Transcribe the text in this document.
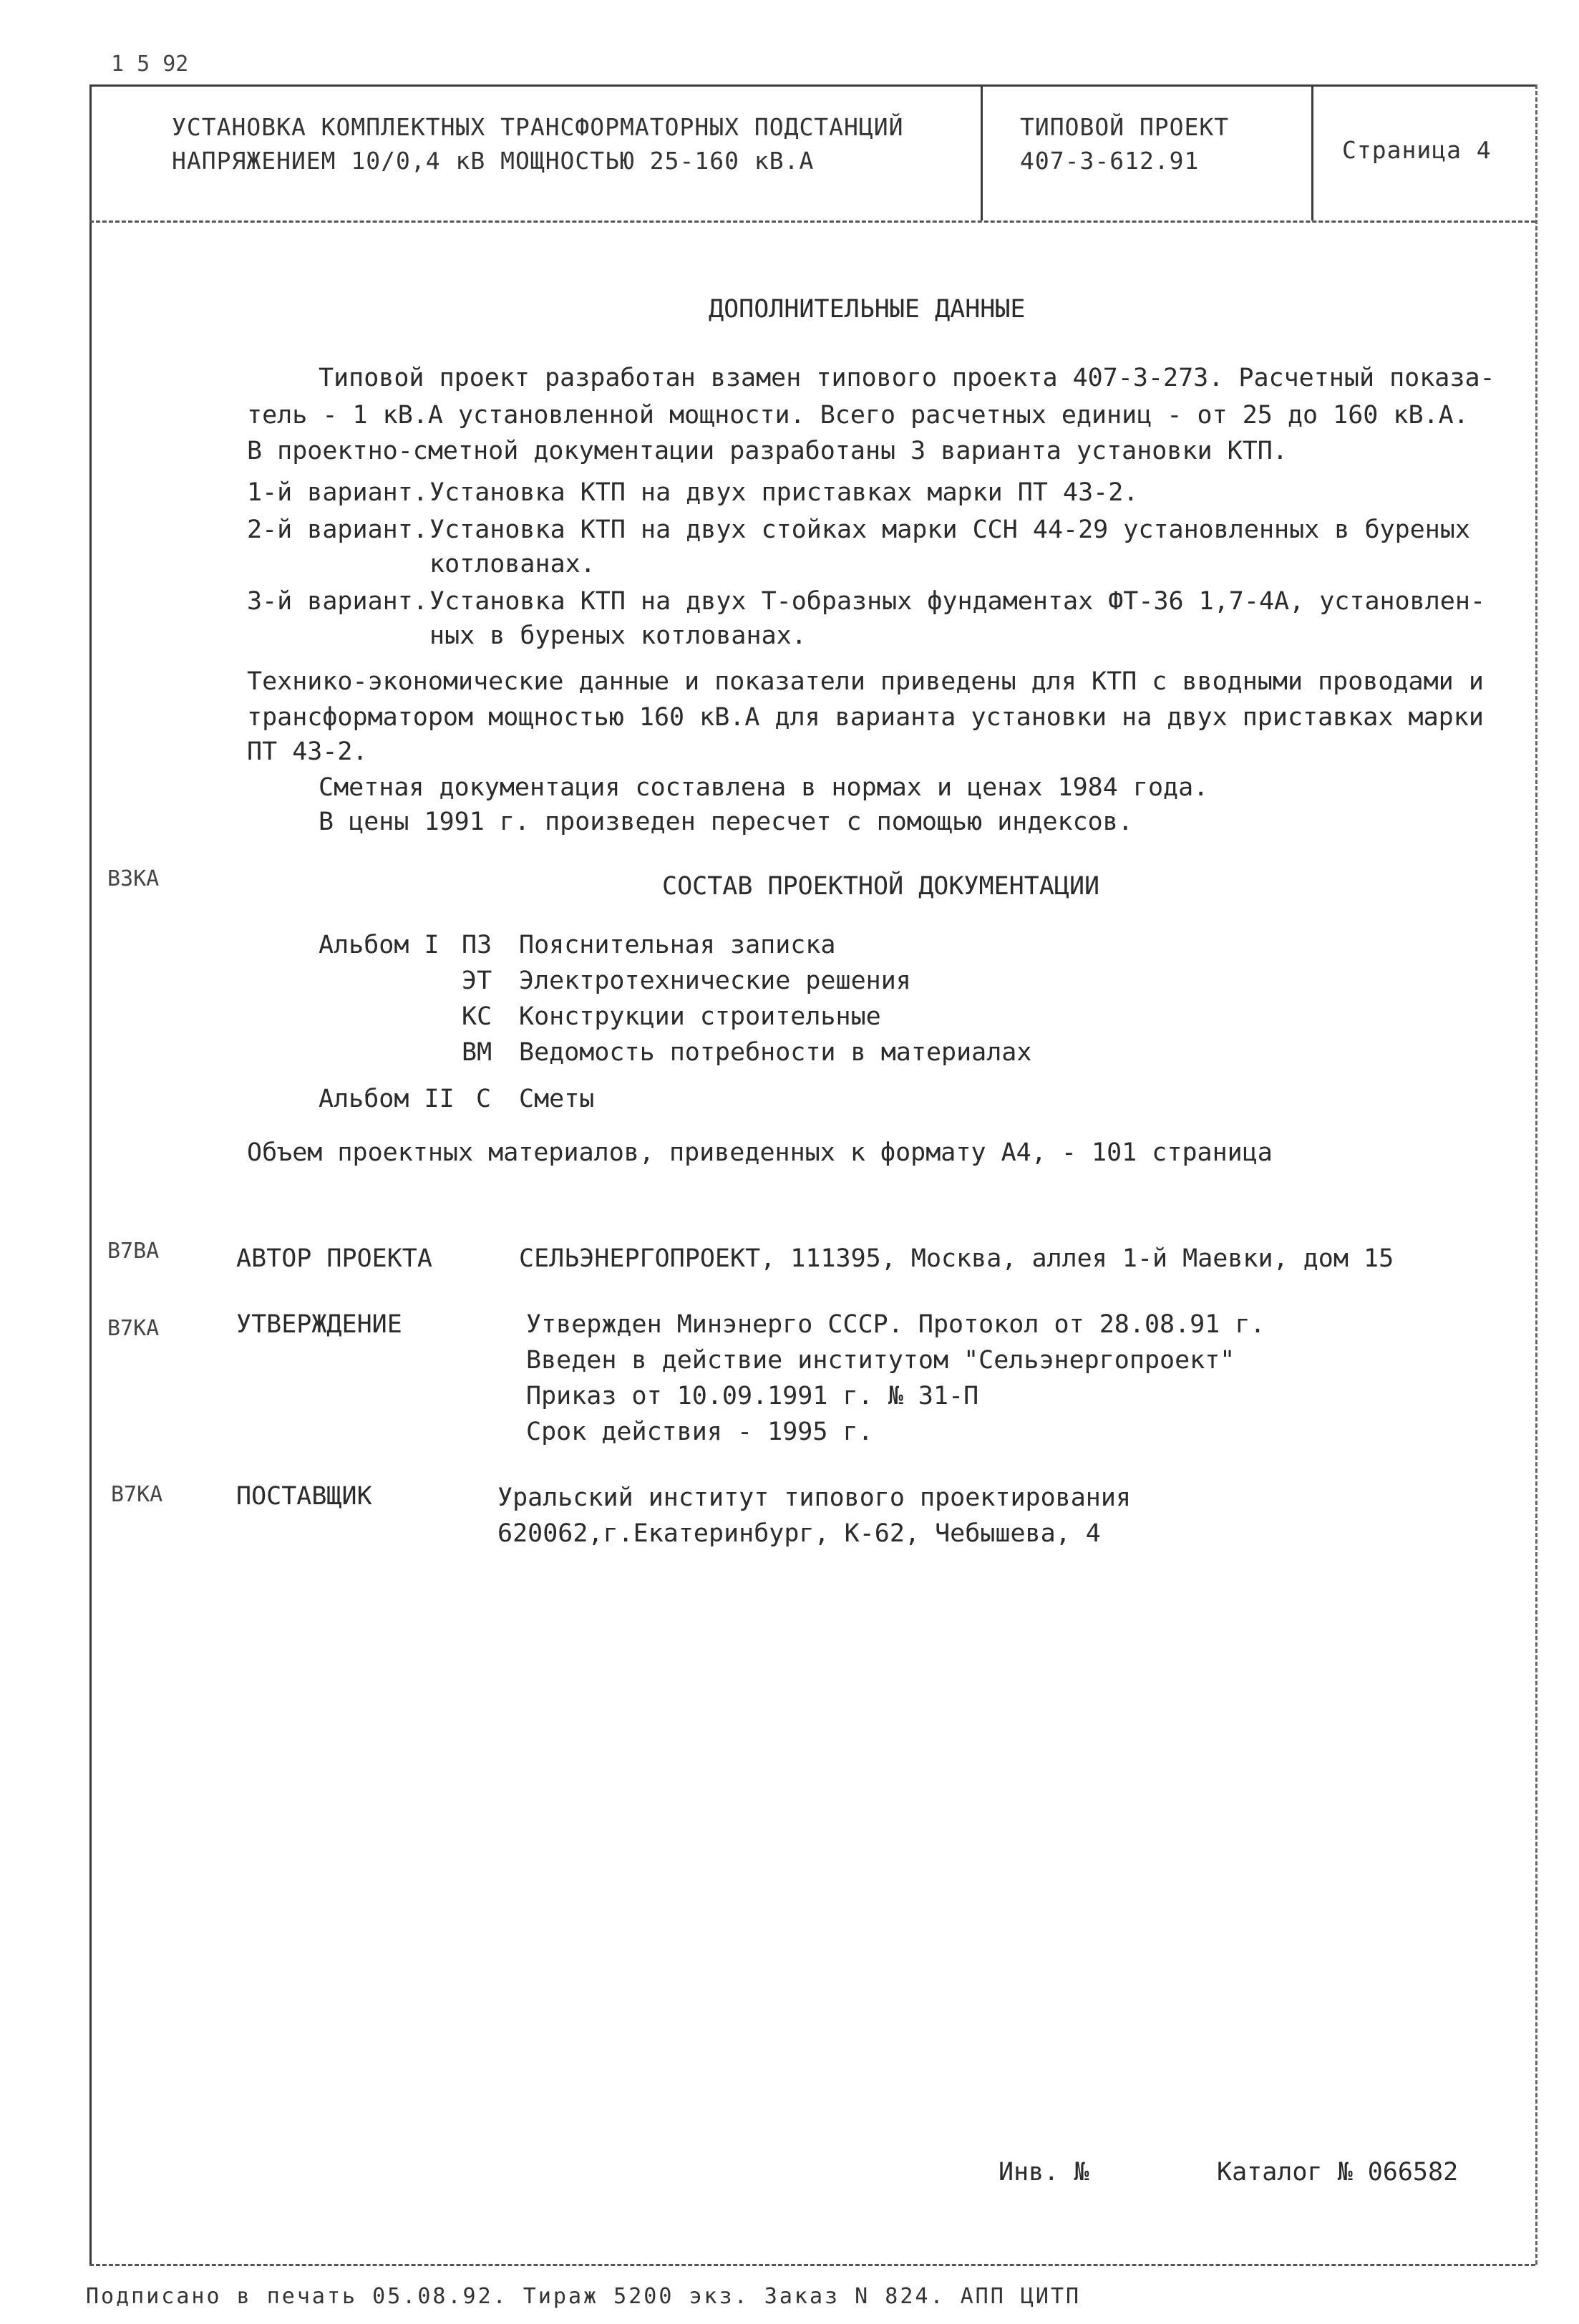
1 5 92
УСТАНОВКА КОМПЛЕКТНЫХ ТРАНСФОРМАТОРНЫХ ПОДСТАНЦИЙ
НАПРЯЖЕНИЕМ 10/0,4 кВ МОЩНОСТЬЮ 25-160 кВ.А
ТИПОВОЙ ПРОЕКТ
407-3-612.91	Страница 4
ДОПОЛНИТЕЛЬНЫЕ ДАННЫЕ
Типовой проект разработан взамен типового проекта 407-3-273. Расчетный показа-
тель - 1 кВ.А установленной мощности. Всего расчетных единиц - от 25 до 160 кВ.А.
В проектно-сметной документации разработаны 3 варианта установки КТП.
1-й вариант. Установка КТП на двух приставках марки ПТ 43-2.
2-й вариант. Установка КТП на двух стойках марки ССН 44-29 установленных в буреных
котлованах.
3-й вариант. Установка КТП на двух Т-образных фундаментах ФТ-36 1,7-4А, установлен-
ных в буреных котлованах.
Технико-экономические данные и показатели приведены для КТП с вводными проводами и
трансформатором мощностью 160 кВ.А для варианта установки на двух приставках марки
ПТ 43-2.
Сметная документация составлена в нормах и ценах 1984 года.
В цены 1991 г. произведен пересчет с помощью индексов.
ВЗКА	СОСТАВ ПРОЕКТНОЙ ДОКУМЕНТАЦИИ
Альбом I ПЗ Пояснительная записка
ЭТ Электротехнические решения
КС Конструкции строительные
ВМ Ведомость потребности в материалах
Альбом II С Сметы
Объем проектных материалов, приведенных к формату А4, - 101 страница
В7ВА	АВТОР ПРОЕКТА	СЕЛЬЭНЕРГОПРОЕКТ, 111395, Москва, аллея 1-й Маевки, дом 15
В7КА	УТВЕРЖДЕНИЕ	Утвержден Минэнерго СССР. Протокол от 28.08.91 г.
Введен в действие институтом "Сельэнергопроект"
Приказ от 10.09.1991 г. № 31-П
Срок действия - 1995 г.
В7КА	ПОСТАВЩИК	Уральский институт типового проектирования
620062,г.Екатеринбург, К-62, Чебышева, 4
Инв. №	Каталог № 066582
Подписано в печать 05.08.92. Тираж 5200 экз. Заказ N 824. АПП ЦИТП
